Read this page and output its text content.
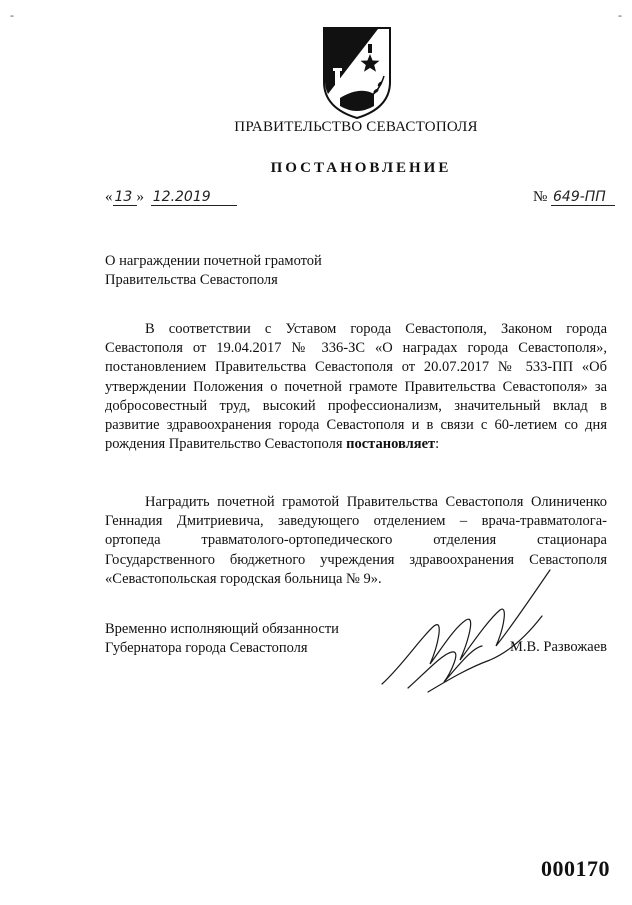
-	-
ПРАВИТЕЛЬСТВО СЕВАСТОПОЛЯ
ПОСТАНОВЛЕНИЕ
« 13 » 12.2019	№ 649-ПП
О награждении почетной грамотой
Правительства Севастополя
В соответствии с Уставом города Севастополя, Законом города Севастополя от 19.04.2017 № 336-ЗС «О наградах города Севастополя», постановлением Правительства Севастополя от 20.07.2017 № 533-ПП «Об утверждении Положения о почетной грамоте Правительства Севастополя» за добросовестный труд, высокий профессионализм, значительный вклад в развитие здравоохранения города Севастополя и в связи с 60-летием со дня рождения Правительство Севастополя постановляет:
Наградить почетной грамотой Правительства Севастополя Олиниченко Геннадия Дмитриевича, заведующего отделением – врача-травматолога-ортопеда травматолого-ортопедического отделения стационара Государственного бюджетного учреждения здравоохранения Севастополя «Севастопольская городская больница № 9».
Временно исполняющий обязанности
Губернатора города Севастополя	М.В. Развожаев
000170
